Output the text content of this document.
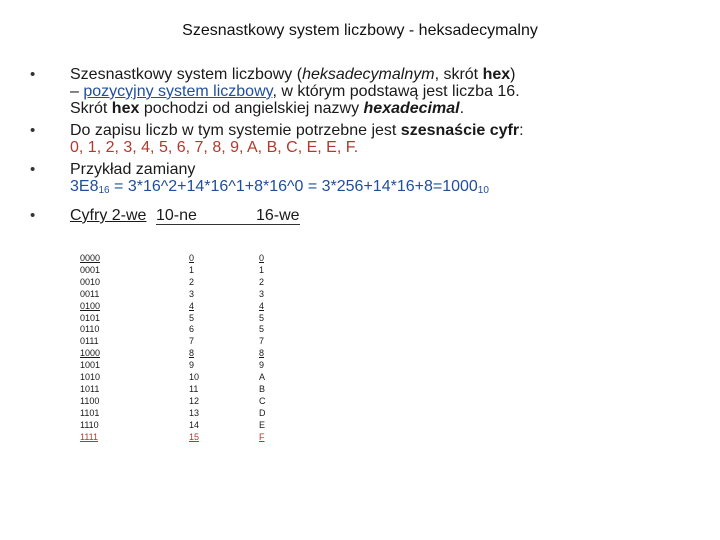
Szesnastkowy system liczbowy - heksadecymalny
• Szesnastkowy system liczbowy (heksadecymalnym, skrót hex)
– pozycyjny system liczbowy, w którym podstawą jest liczba 16.
Skrót hex pochodzi od angielskiej nazwy hexadecimal.
• Do zapisu liczb w tym systemie potrzebne jest szesnaście cyfr:
0, 1, 2, 3, 4, 5, 6, 7, 8, 9, A, B, C, E, E, F.
• Przykład zamiany
$3E8_{16}$ = 3*16^2+14*16^1+8*16^0 = $3*256+14*16+8=1000_{10}$
• Cyfry 2-we 10-ne	16-we
0000	0	0
0001	1	1
0010	2	2
0011	3	3
0100	4	4
0101	5	5
0110	6	5
0111	7	7
1000	8	8
1001	9	9
1010	10	A
1011	11	B
1100	12	C
1101	13	D
1110	14	E
1111	15	F
